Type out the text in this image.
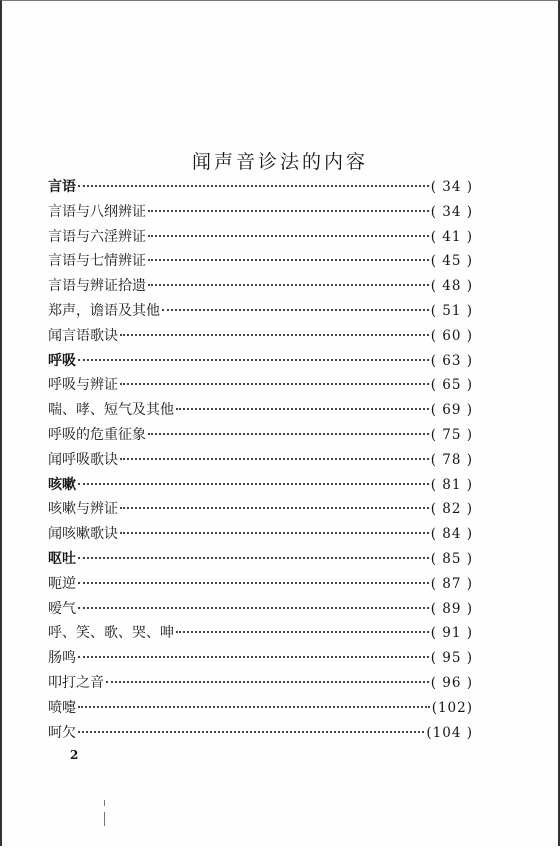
闻声音诊法的内容
言语	( 34 )
言语与八纲辨证	( 34 )
言语与六淫辨证	( 41 )
言语与七情辨证	( 45 )
言语与辨证拾遗	( 48 )
郑声，谵语及其他	( 51 )
闻言语歌诀	( 60 )
呼吸	( 63 )
呼吸与辨证	( 65 )
喘、哮、短气及其他	( 69 )
呼吸的危重征象	( 75 )
闻呼吸歌诀	( 78 )
咳嗽	( 81 )
咳嗽与辨证	( 82 )
闻咳嗽歌诀	( 84 )
呕吐	( 85 )
呃逆	( 87 )
嗳气	( 89 )
呼、笑、歌、哭、呻	( 91 )
肠鸣	( 95 )
叩打之音	( 96 )
喷嚏	(102)
呵欠	(104 )
2
